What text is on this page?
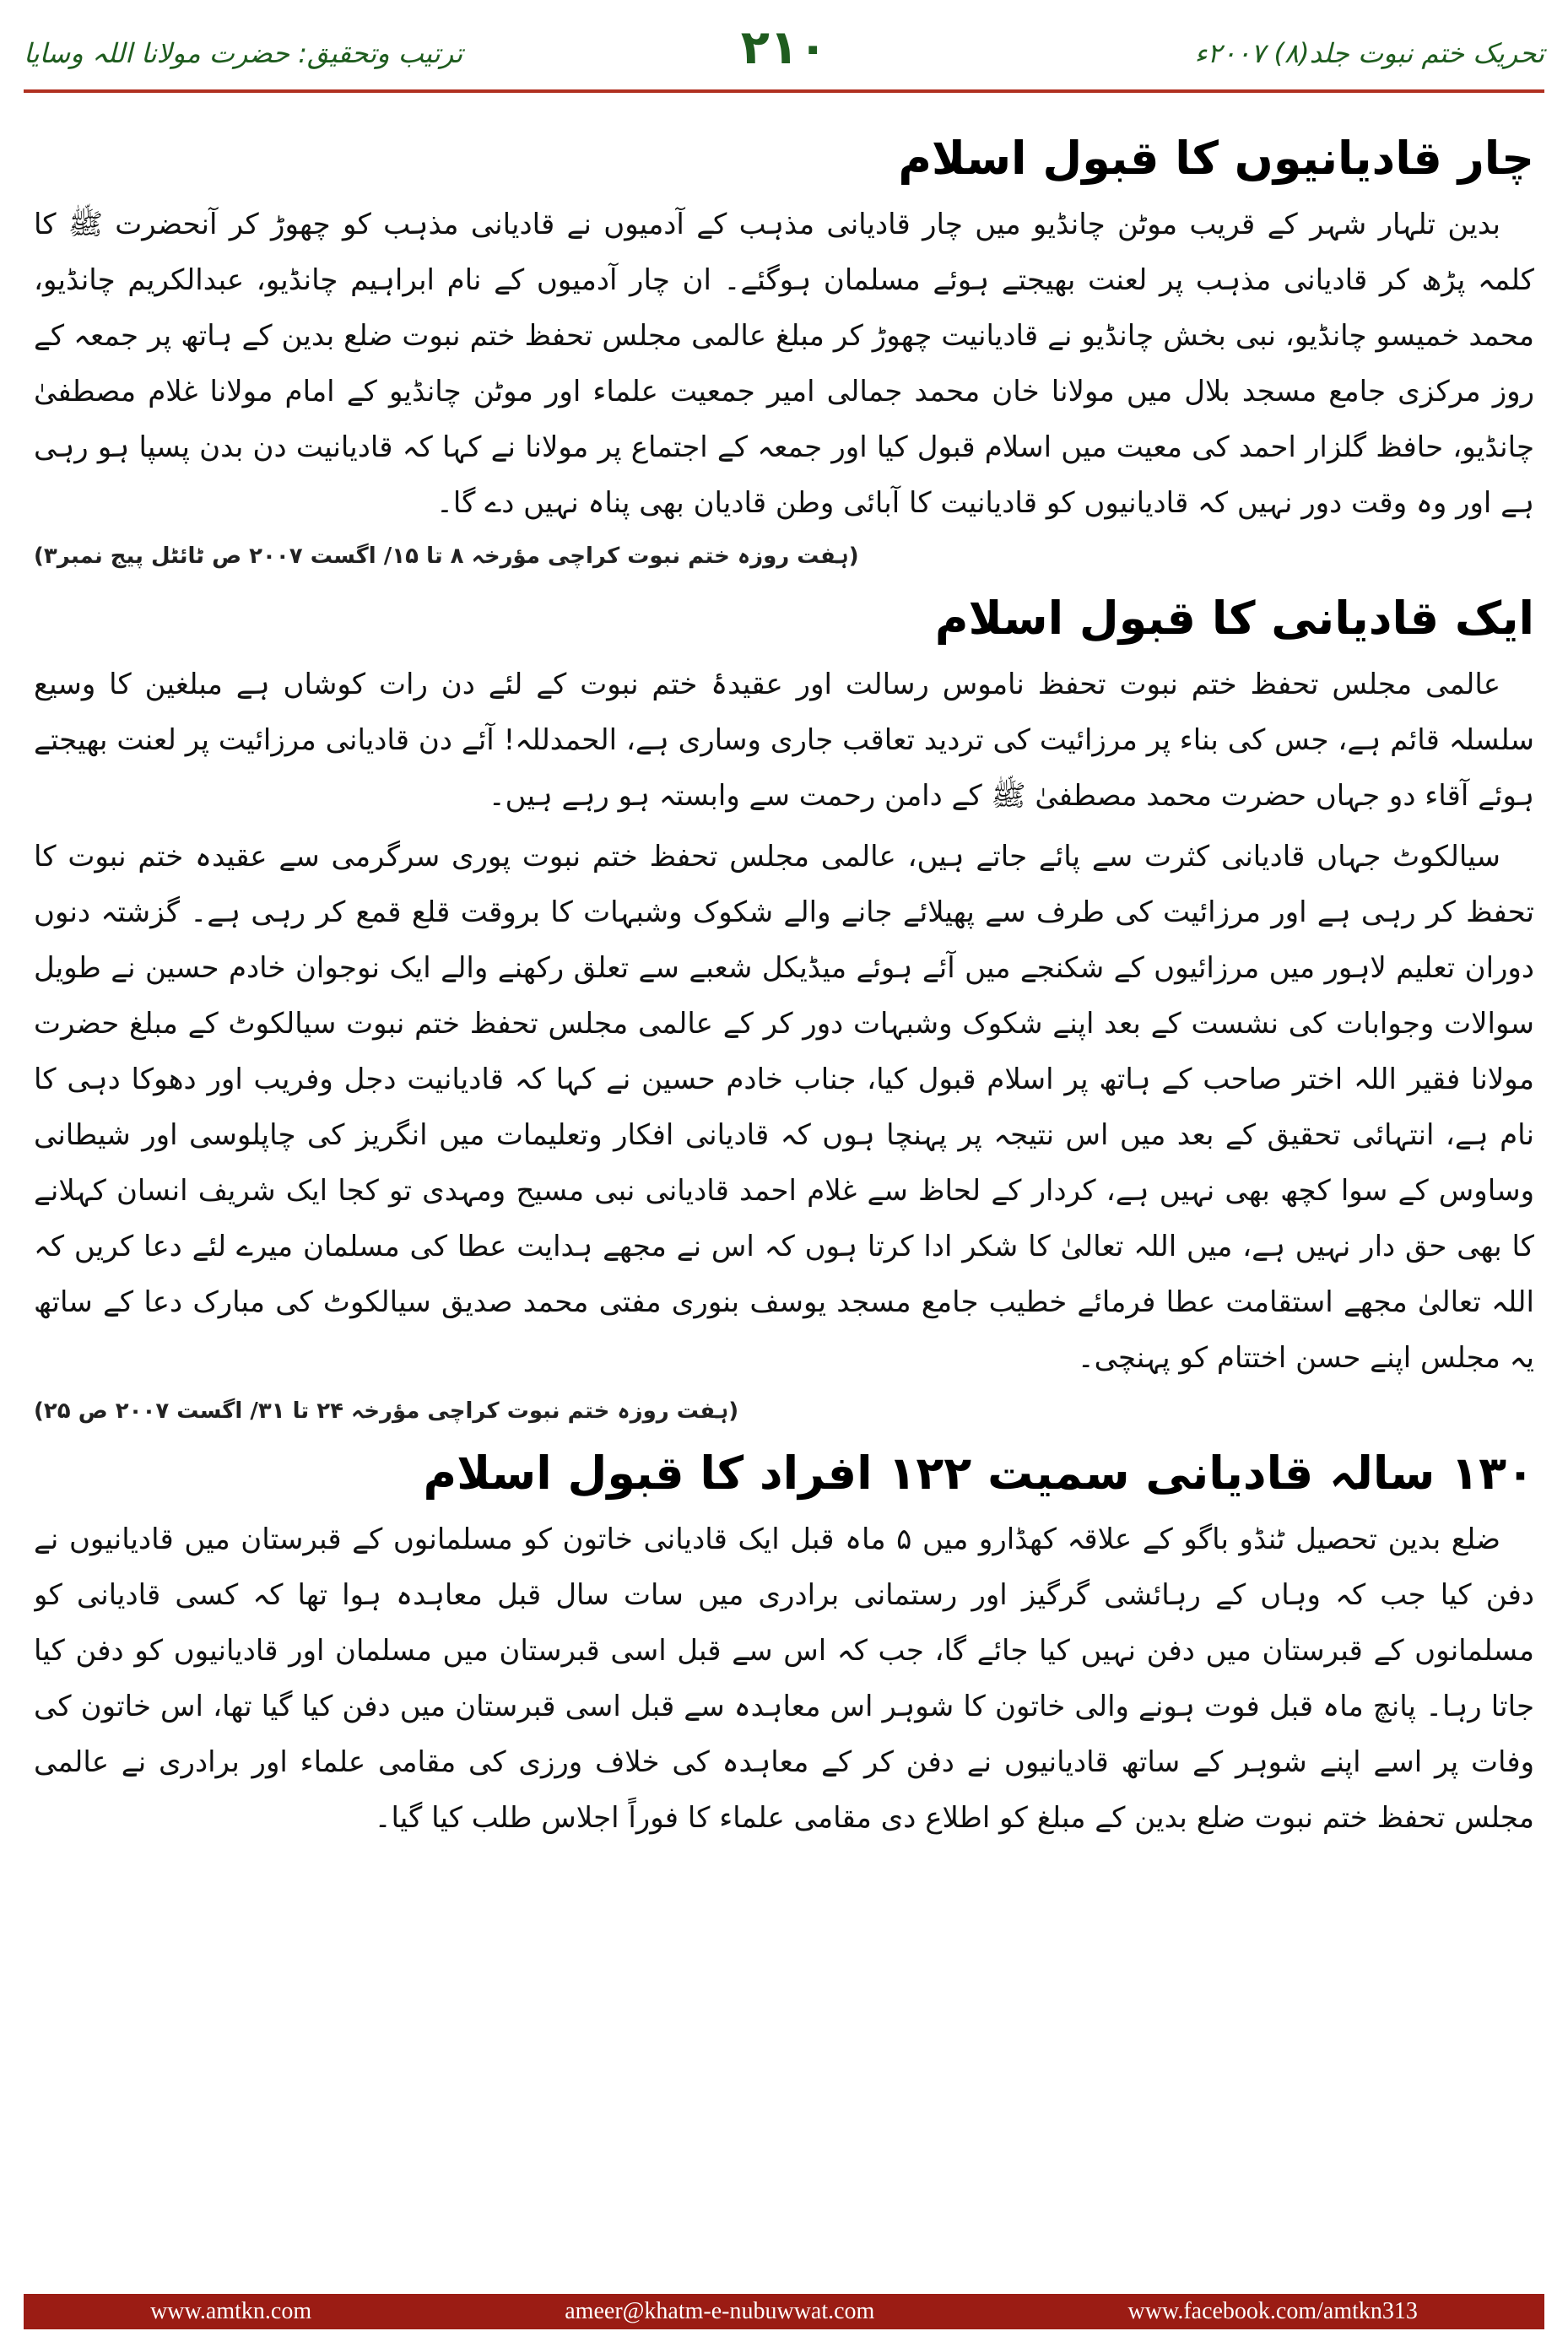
تحریک ختم نبوت جلد(۸) ۲۰۰۷ء
۲۱۰
ترتیب وتحقیق: حضرت مولانا اللہ وسایا
چار قادیانیوں کا قبول اسلام

بدین تلہار شہر کے قریب موٹن چانڈیو میں چار قادیانی مذہب کے آدمیوں نے قادیانی مذہب کو چھوڑ کر آنحضرت ﷺ کا کلمہ پڑھ کر قادیانی مذہب پر لعنت بھیجتے ہوئے مسلمان ہوگئے۔ ان چار آدمیوں کے نام ابراہیم چانڈیو، عبدالکریم چانڈیو، محمد خمیسو چانڈیو، نبی بخش چانڈیو نے قادیانیت چھوڑ کر مبلغ عالمی مجلس تحفظ ختم نبوت ضلع بدین کے ہاتھ پر جمعہ کے روز مرکزی جامع مسجد بلال میں مولانا خان محمد جمالی امیر جمعیت علماء اور موٹن چانڈیو کے امام مولانا غلام مصطفیٰ چانڈیو، حافظ گلزار احمد کی معیت میں اسلام قبول کیا اور جمعہ کے اجتماع پر مولانا نے کہا کہ قادیانیت دن بدن پسپا ہو رہی ہے اور وہ وقت دور نہیں کہ قادیانیوں کو قادیانیت کا آبائی وطن قادیان بھی پناہ نہیں دے گا۔

(ہفت روزہ ختم نبوت کراچی مؤرخہ ۸ تا ۱۵/ اگست ۲۰۰۷ ص ٹائٹل پیج نمبر۳)
ایک قادیانی کا قبول اسلام

عالمی مجلس تحفظ ختم نبوت تحفظ ناموس رسالت اور عقیدۂ ختم نبوت کے لئے دن رات کوشاں ہے مبلغین کا وسیع سلسلہ قائم ہے، جس کی بناء پر مرزائیت کی تردید تعاقب جاری وساری ہے، الحمدللہ! آئے دن قادیانی مرزائیت پر لعنت بھیجتے ہوئے آقاء دو جہاں حضرت محمد مصطفیٰ ﷺ کے دامن رحمت سے وابستہ ہو رہے ہیں۔

سیالکوٹ جہاں قادیانی کثرت سے پائے جاتے ہیں، عالمی مجلس تحفظ ختم نبوت پوری سرگرمی سے عقیدہ ختم نبوت کا تحفظ کر رہی ہے اور مرزائیت کی طرف سے پھیلائے جانے والے شکوک وشبہات کا بروقت قلع قمع کر رہی ہے۔ گزشتہ دنوں دوران تعلیم لاہور میں مرزائیوں کے شکنجے میں آئے ہوئے میڈیکل شعبے سے تعلق رکھنے والے ایک نوجوان خادم حسین نے طویل سوالات وجوابات کی نشست کے بعد اپنے شکوک وشبہات دور کر کے عالمی مجلس تحفظ ختم نبوت سیالکوٹ کے مبلغ حضرت مولانا فقیر اللہ اختر صاحب کے ہاتھ پر اسلام قبول کیا، جناب خادم حسین نے کہا کہ قادیانیت دجل وفریب اور دھوکا دہی کا نام ہے، انتہائی تحقیق کے بعد میں اس نتیجہ پر پہنچا ہوں کہ قادیانی افکار وتعلیمات میں انگریز کی چاپلوسی اور شیطانی وساوس کے سوا کچھ بھی نہیں ہے، کردار کے لحاظ سے غلام احمد قادیانی نبی مسیح ومہدی تو کجا ایک شریف انسان کہلانے کا بھی حق دار نہیں ہے، میں اللہ تعالیٰ کا شکر ادا کرتا ہوں کہ اس نے مجھے ہدایت عطا کی مسلمان میرے لئے دعا کریں کہ اللہ تعالیٰ مجھے استقامت عطا فرمائے خطیب جامع مسجد یوسف بنوری مفتی محمد صدیق سیالکوٹ کی مبارک دعا کے ساتھ یہ مجلس اپنے حسن اختتام کو پہنچی۔

(ہفت روزہ ختم نبوت کراچی مؤرخہ ۲۴ تا ۳۱/ اگست ۲۰۰۷ ص ۲۵)
۱۳۰ سالہ قادیانی سمیت ۱۲۲ افراد کا قبول اسلام

ضلع بدین تحصیل ٹنڈو باگو کے علاقہ کھڈارو میں ۵ ماہ قبل ایک قادیانی خاتون کو مسلمانوں کے قبرستان میں قادیانیوں نے دفن کیا جب کہ وہاں کے رہائشی گرگیز اور رستمانی برادری میں سات سال قبل معاہدہ ہوا تھا کہ کسی قادیانی کو مسلمانوں کے قبرستان میں دفن نہیں کیا جائے گا، جب کہ اس سے قبل اسی قبرستان میں مسلمان اور قادیانیوں کو دفن کیا جاتا رہا۔ پانچ ماہ قبل فوت ہونے والی خاتون کا شوہر اس معاہدہ سے قبل اسی قبرستان میں دفن کیا گیا تھا، اس خاتون کی وفات پر اسے اپنے شوہر کے ساتھ قادیانیوں نے دفن کر کے معاہدہ کی خلاف ورزی کی مقامی علماء اور برادری نے عالمی مجلس تحفظ ختم نبوت ضلع بدین کے مبلغ کو اطلاع دی مقامی علماء کا فوراً اجلاس طلب کیا گیا۔

www.amtkn.com	ameer@khatm-e-nubuwwat.com	www.facebook.com/amtkn313
